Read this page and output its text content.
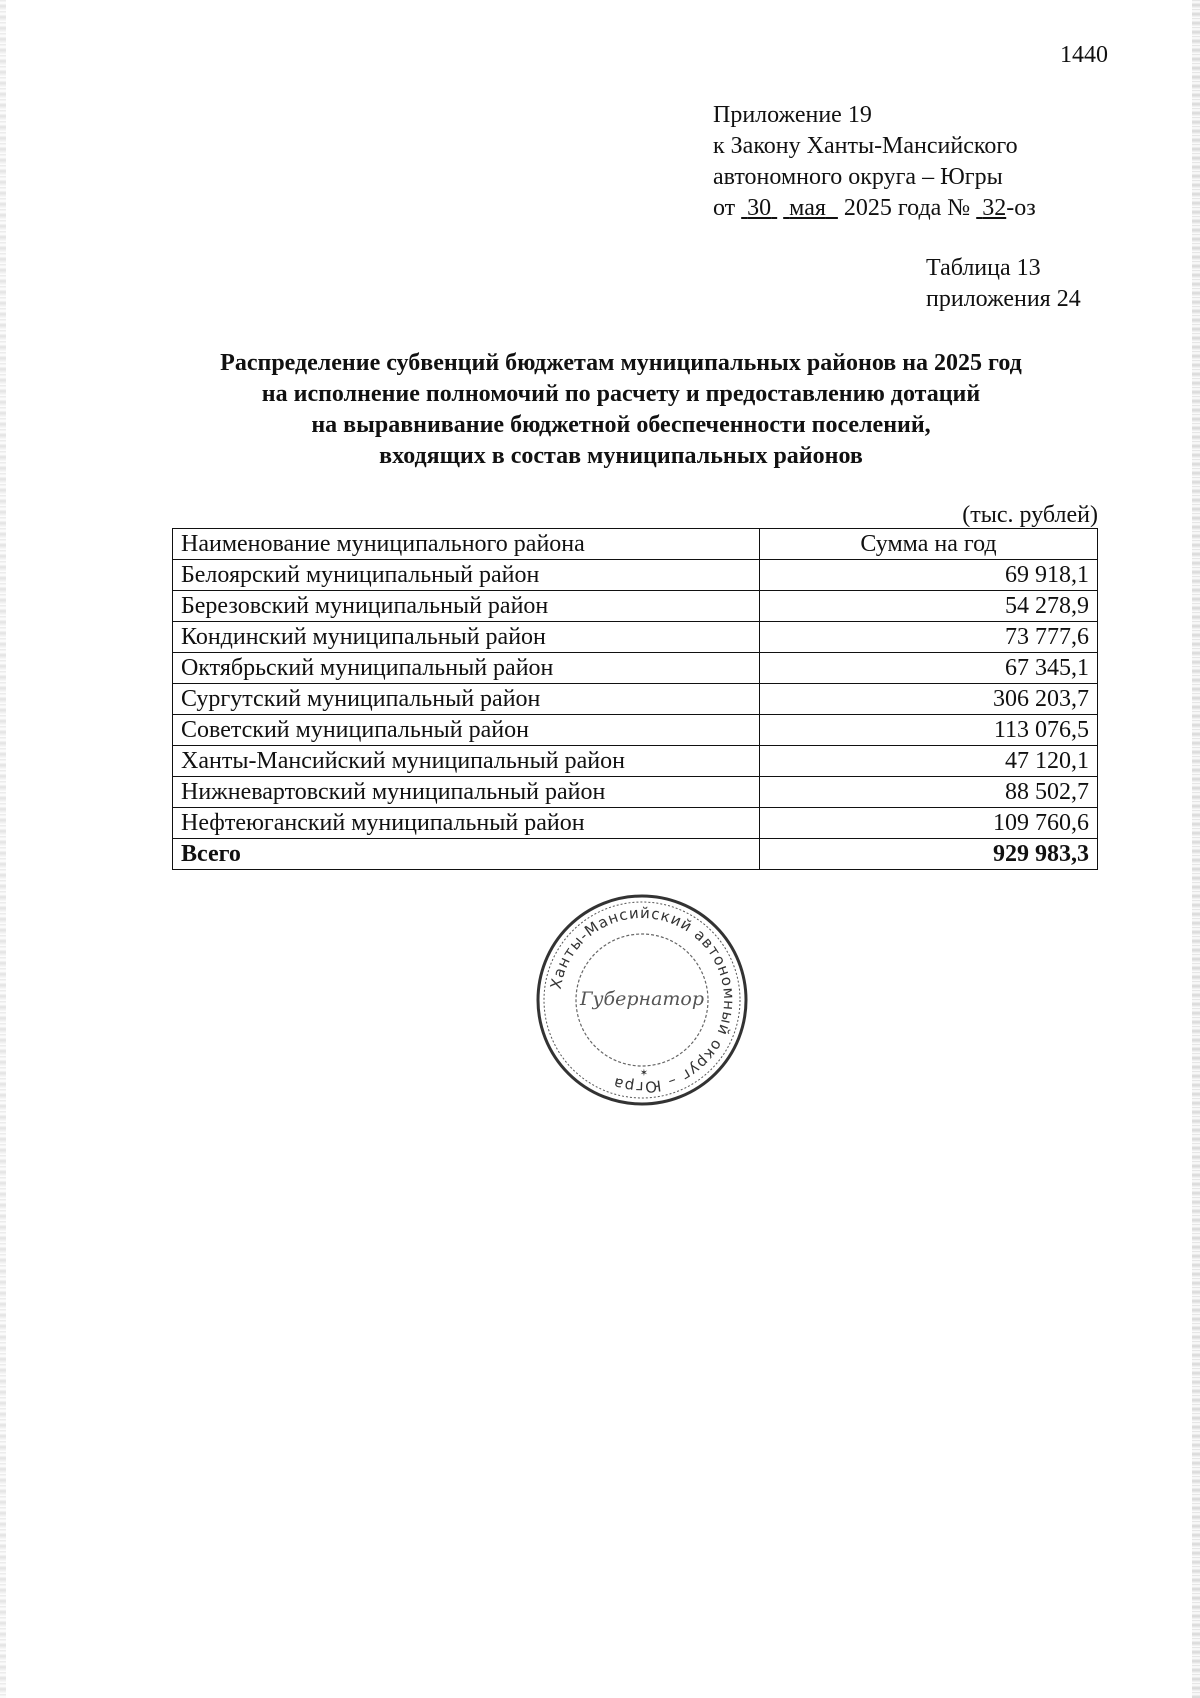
1440
Приложение 19
к Закону Ханты-Мансийского
автономного округа – Югры
от  30 мая   2025 года №  32-оз
Таблица 13
приложения 24
Распределение субвенций бюджетам муниципальных районов на 2025 год
на исполнение полномочий по расчету и предоставлению дотаций
на выравнивание бюджетной обеспеченности поселений,
входящих в состав муниципальных районов
(тыс. рублей)
Наименование муниципального района	Сумма на год
Белоярский муниципальный район	69 918,1
Березовский муниципальный район	54 278,9
Кондинский муниципальный район	73 777,6
Октябрьский муниципальный район	67 345,1
Сургутский муниципальный район	306 203,7
Советский муниципальный район	113 076,5
Ханты-Мансийский муниципальный район	47 120,1
Нижневартовский муниципальный район	88 502,7
Нефтеюганский муниципальный район	109 760,6
Всего	929 983,3
Ханты-Мансийский автономный округ – Югра
Губернатор
✶
